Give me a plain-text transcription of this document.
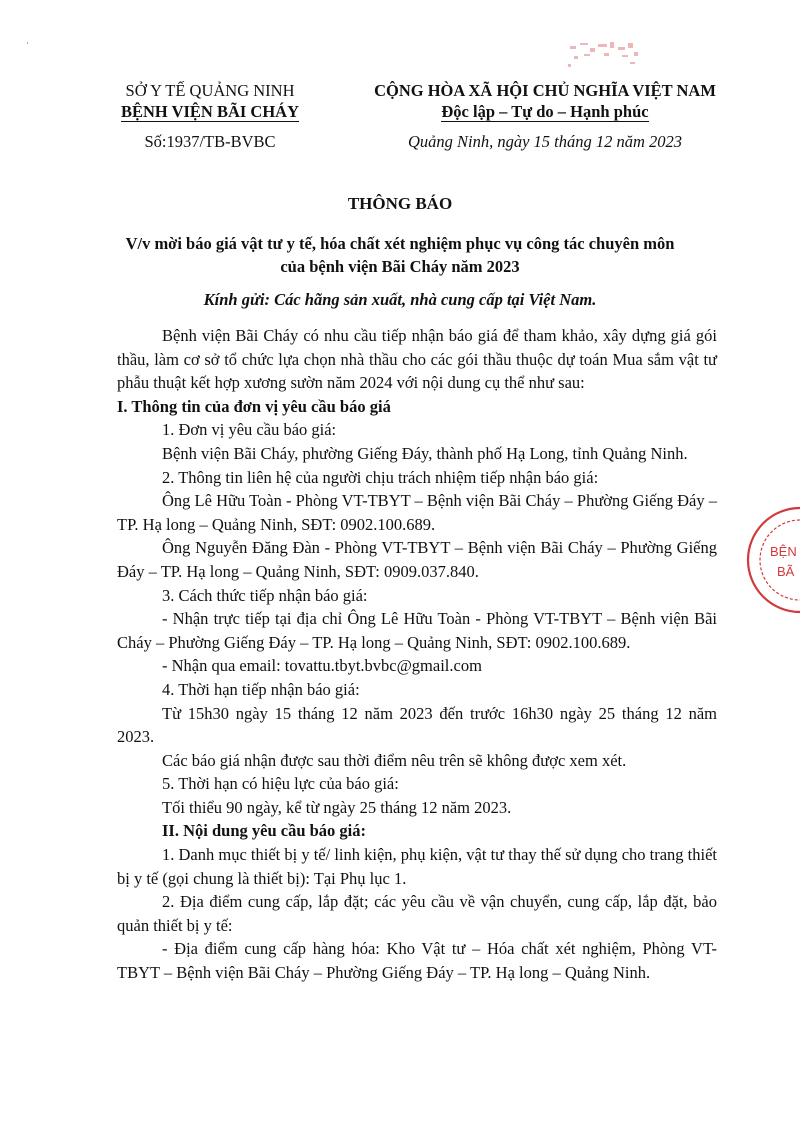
·
BỆN
BÃ
SỞ Y TẾ QUẢNG NINH
BỆNH VIỆN BÃI CHÁY
Số:1937/TB-BVBC
CỘNG HÒA XÃ HỘI CHỦ NGHĨA VIỆT NAM
Độc lập – Tự do – Hạnh phúc
Quảng Ninh, ngày 15 tháng 12 năm 2023
THÔNG BÁO
V/v mời báo giá vật tư y tế, hóa chất xét nghiệm phục vụ công tác chuyên môn
của bệnh viện Bãi Cháy năm 2023
Kính gửi: Các hãng sản xuất, nhà cung cấp tại Việt Nam.

Bệnh viện Bãi Cháy có nhu cầu tiếp nhận báo giá để tham khảo, xây dựng giá gói thầu, làm cơ sở tổ chức lựa chọn nhà thầu cho các gói thầu thuộc dự toán Mua sắm vật tư phẫu thuật kết hợp xương sườn năm 2024 với nội dung cụ thể như sau:

I. Thông tin của đơn vị yêu cầu báo giá

1. Đơn vị yêu cầu báo giá:

Bệnh viện Bãi Cháy, phường Giếng Đáy, thành phố Hạ Long, tỉnh Quảng Ninh.

2. Thông tin liên hệ của người chịu trách nhiệm tiếp nhận báo giá:

Ông Lê Hữu Toàn - Phòng VT-TBYT – Bệnh viện Bãi Cháy – Phường Giếng Đáy – TP. Hạ long – Quảng Ninh, SĐT: 0902.100.689.

Ông Nguyễn Đăng Đàn - Phòng VT-TBYT – Bệnh viện Bãi Cháy – Phường Giếng Đáy – TP. Hạ long – Quảng Ninh, SĐT: 0909.037.840.

3. Cách thức tiếp nhận báo giá:

- Nhận trực tiếp tại địa chỉ Ông Lê Hữu Toàn - Phòng VT-TBYT – Bệnh viện Bãi Cháy – Phường Giếng Đáy – TP. Hạ long – Quảng Ninh, SĐT: 0902.100.689.

- Nhận qua email: tovattu.tbyt.bvbc@gmail.com

4. Thời hạn tiếp nhận báo giá:

Từ 15h30 ngày 15 tháng 12 năm 2023 đến trước 16h30 ngày 25 tháng 12 năm 2023.

Các báo giá nhận được sau thời điểm nêu trên sẽ không được xem xét.

5. Thời hạn có hiệu lực của báo giá:

Tối thiểu 90 ngày, kể từ ngày 25 tháng 12 năm 2023.

II. Nội dung yêu cầu báo giá:

1. Danh mục thiết bị y tế/ linh kiện, phụ kiện, vật tư thay thế sử dụng cho trang thiết bị y tế (gọi chung là thiết bị): Tại Phụ lục 1.

2. Địa điểm cung cấp, lắp đặt; các yêu cầu về vận chuyển, cung cấp, lắp đặt, bảo quản thiết bị y tế:

- Địa điểm cung cấp hàng hóa: Kho Vật tư – Hóa chất xét nghiệm, Phòng VT-TBYT – Bệnh viện Bãi Cháy – Phường Giếng Đáy – TP. Hạ long – Quảng Ninh.
